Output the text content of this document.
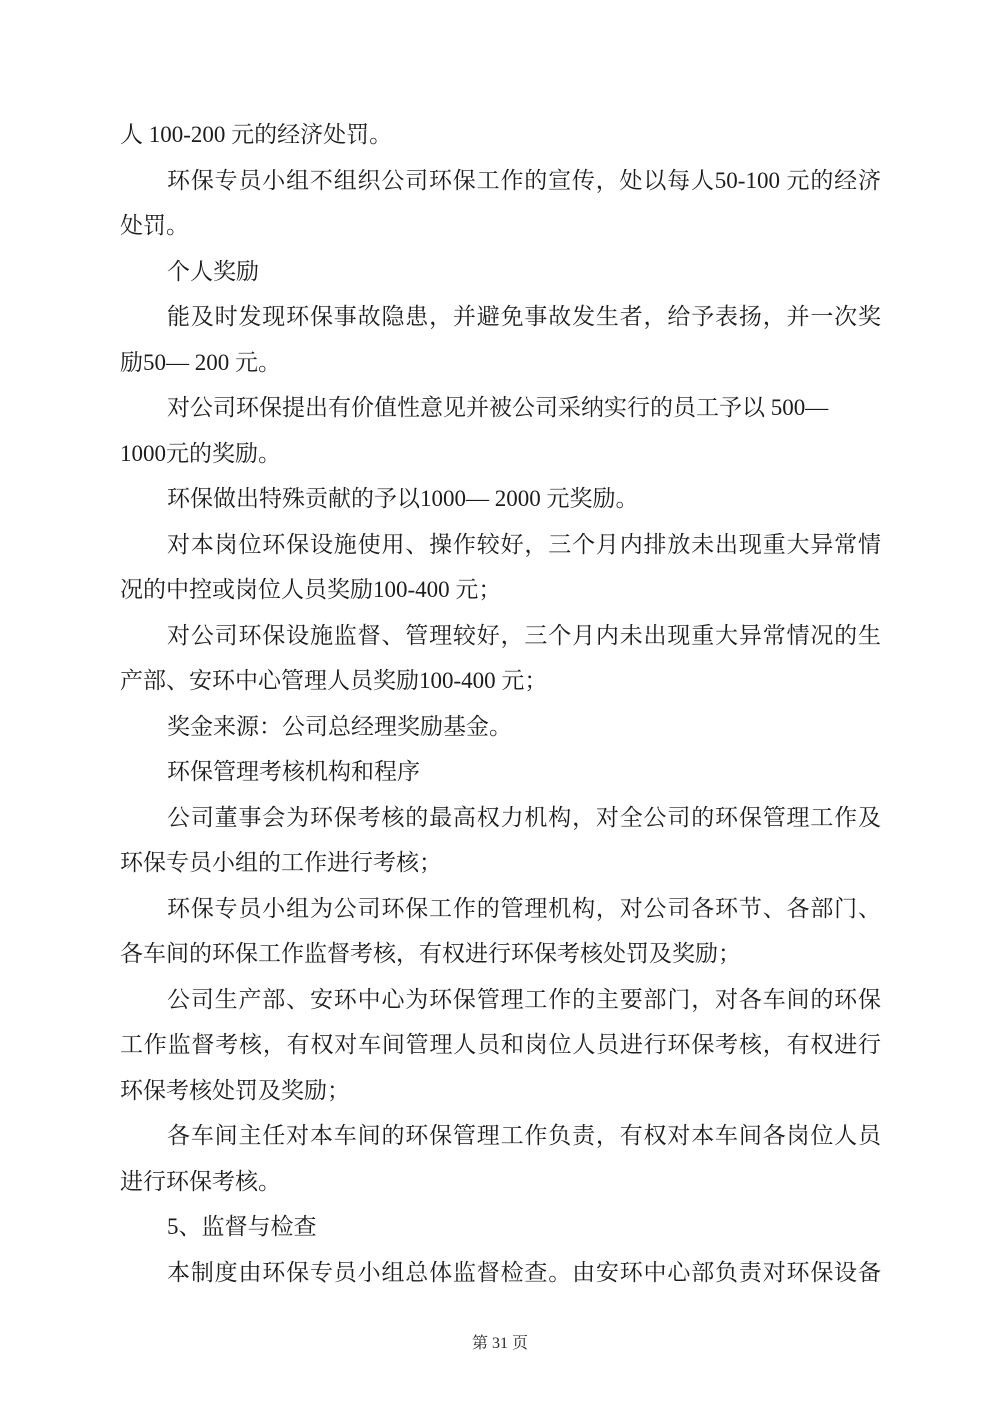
人 100-200 元的经济处罚。
环保专员小组不组织公司环保工作的宣传，处以每人50-100 元的经济
处罚。
个人奖励
能及时发现环保事故隐患，并避免事故发生者，给予表扬，并一次奖
励50— 200 元。
对公司环保提出有价值性意见并被公司采纳实行的员工予以 500—
1000元的奖励。
环保做出特殊贡献的予以1000— 2000 元奖励。
对本岗位环保设施使用、操作较好，三个月内排放未出现重大异常情
况的中控或岗位人员奖励100-400 元；
对公司环保设施监督、管理较好，三个月内未出现重大异常情况的生
产部、安环中心管理人员奖励100-400 元；
奖金来源：公司总经理奖励基金。
环保管理考核机构和程序
公司董事会为环保考核的最高权力机构，对全公司的环保管理工作及
环保专员小组的工作进行考核；
环保专员小组为公司环保工作的管理机构，对公司各环节、各部门、
各车间的环保工作监督考核，有权进行环保考核处罚及奖励；
公司生产部、安环中心为环保管理工作的主要部门，对各车间的环保
工作监督考核，有权对车间管理人员和岗位人员进行环保考核，有权进行
环保考核处罚及奖励；
各车间主任对本车间的环保管理工作负责，有权对本车间各岗位人员
进行环保考核。
5、监督与检查
本制度由环保专员小组总体监督检查。由安环中心部负责对环保设备
第 31 页
